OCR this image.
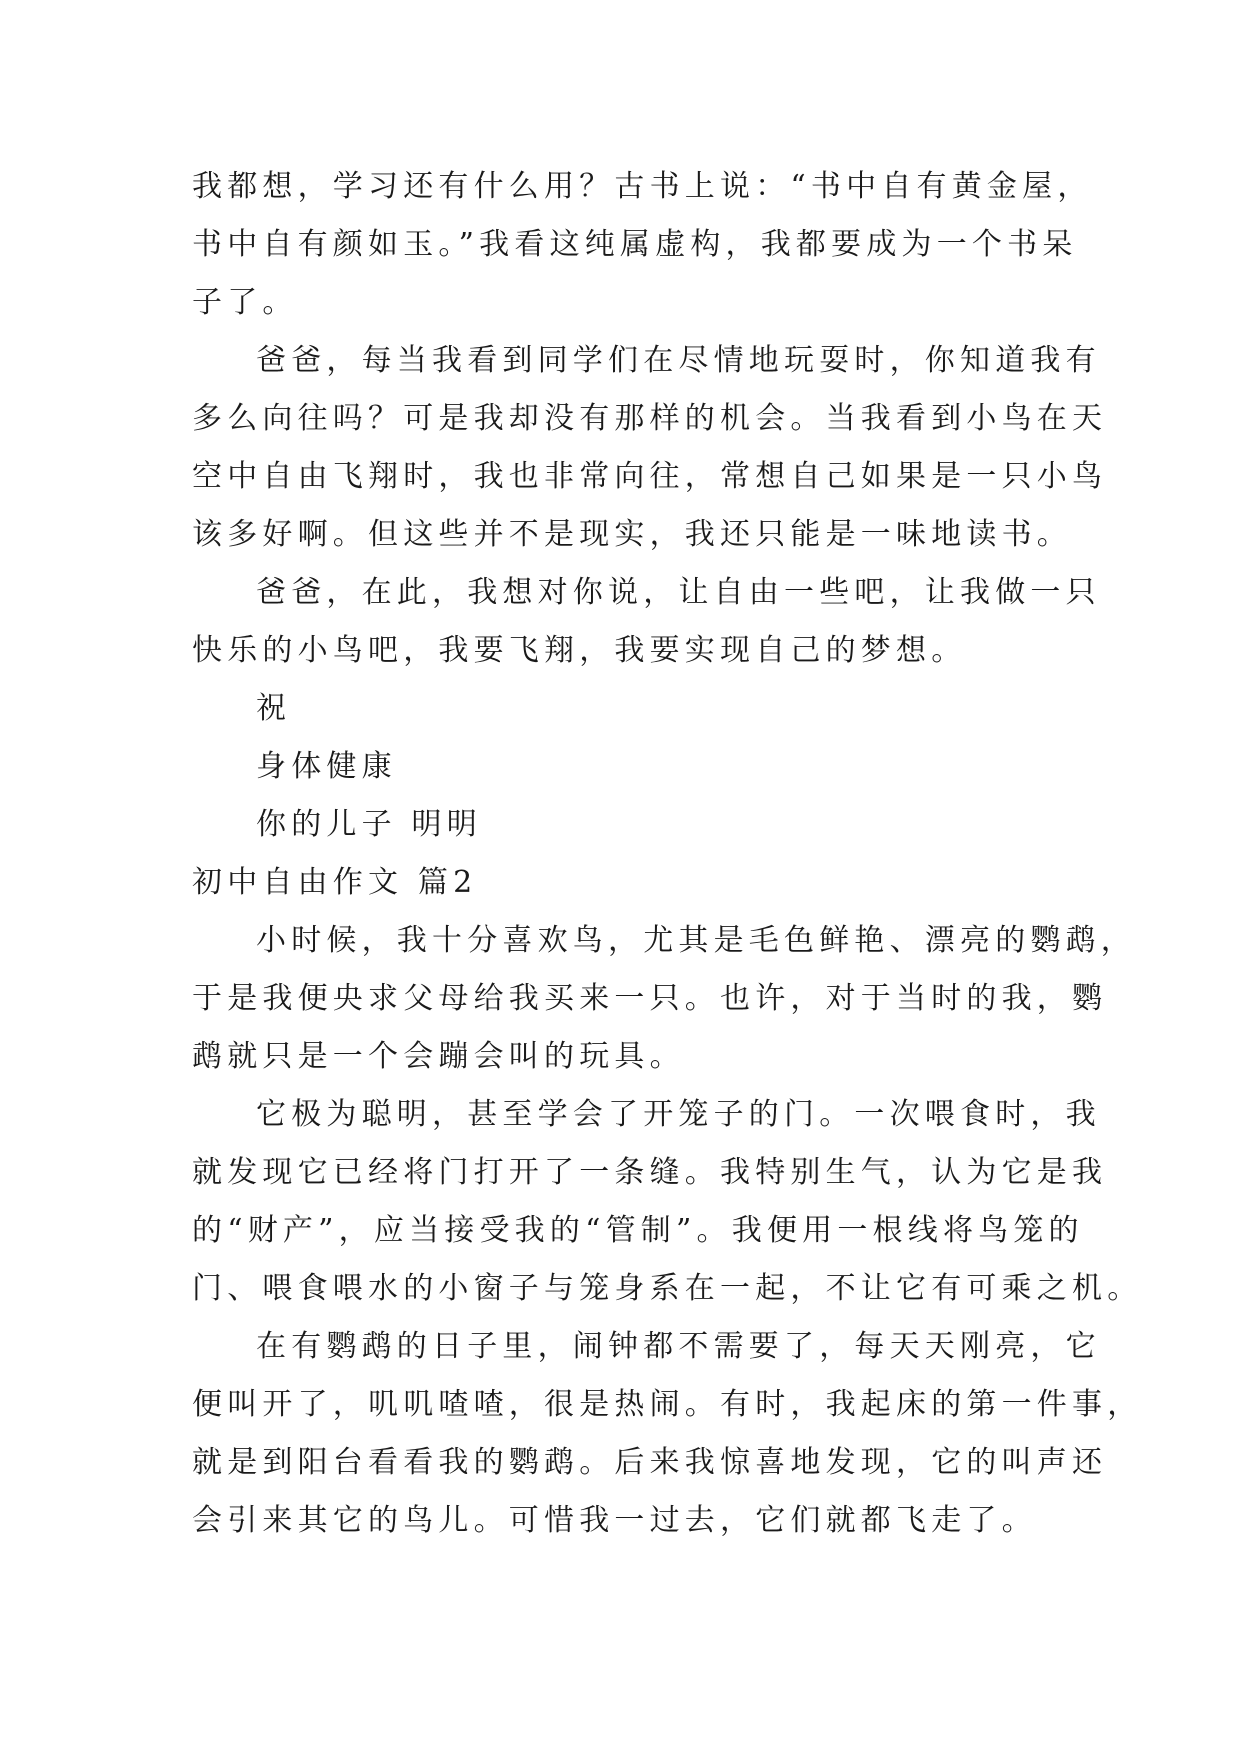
我都想，学习还有什么用？古书上说：“书中自有黄金屋，
书中自有颜如玉。”我看这纯属虚构，我都要成为一个书呆
子了。
爸爸，每当我看到同学们在尽情地玩耍时，你知道我有
多么向往吗？可是我却没有那样的机会。当我看到小鸟在天
空中自由飞翔时，我也非常向往，常想自己如果是一只小鸟
该多好啊。但这些并不是现实，我还只能是一味地读书。
爸爸，在此，我想对你说，让自由一些吧，让我做一只
快乐的小鸟吧，我要飞翔，我要实现自己的梦想。
祝
身体健康
你的儿子 明明
初中自由作文 篇2
小时候，我十分喜欢鸟，尤其是毛色鲜艳、漂亮的鹦鹉，
于是我便央求父母给我买来一只。也许，对于当时的我，鹦
鹉就只是一个会蹦会叫的玩具。
它极为聪明，甚至学会了开笼子的门。一次喂食时，我
就发现它已经将门打开了一条缝。我特别生气，认为它是我
的“财产”，应当接受我的“管制”。我便用一根线将鸟笼的
门、喂食喂水的小窗子与笼身系在一起，不让它有可乘之机。
在有鹦鹉的日子里，闹钟都不需要了，每天天刚亮，它
便叫开了，叽叽喳喳，很是热闹。有时，我起床的第一件事，
就是到阳台看看我的鹦鹉。后来我惊喜地发现，它的叫声还
会引来其它的鸟儿。可惜我一过去，它们就都飞走了。
